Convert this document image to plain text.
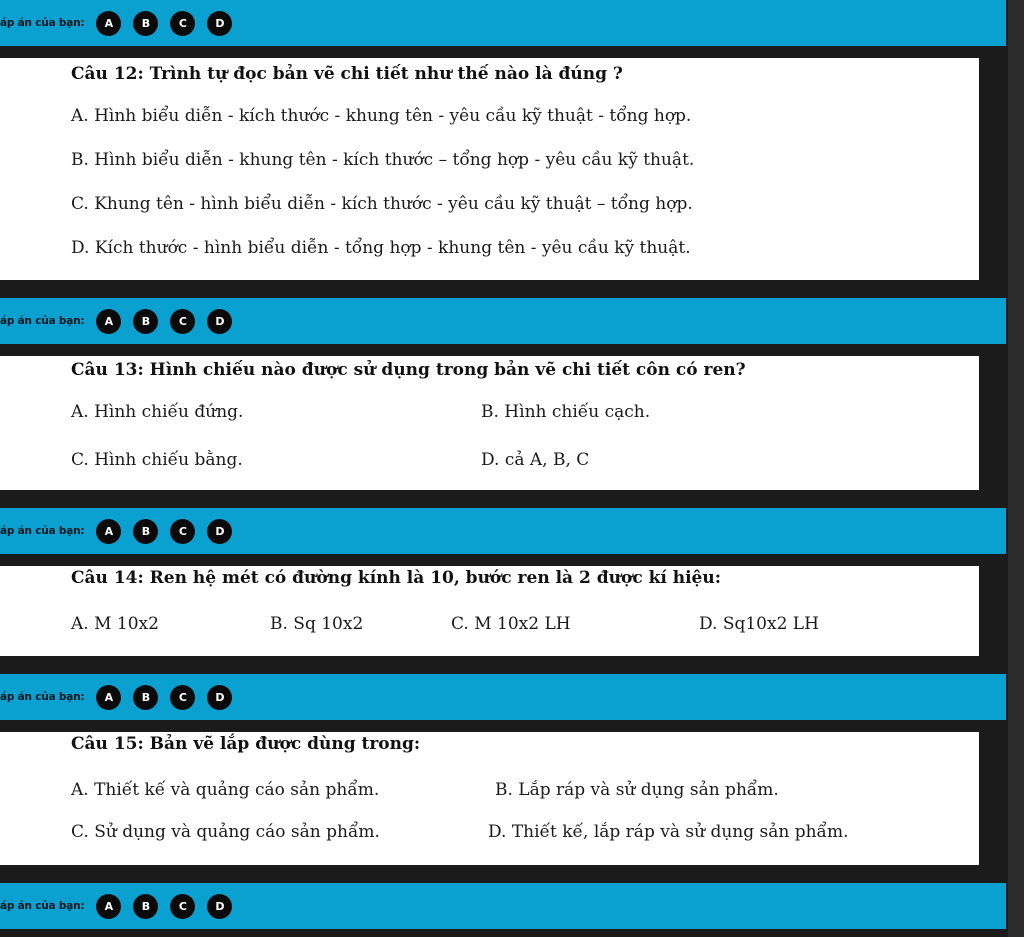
áp án của bạn:	A	B	C	D
Câu 12: Trình tự đọc bản vẽ chi tiết như thế nào là đúng ?
A. Hình biểu diễn - kích thước - khung tên - yêu cầu kỹ thuật - tổng hợp.
B. Hình biểu diễn - khung tên - kích thước – tổng hợp - yêu cầu kỹ thuật.
C. Khung tên - hình biểu diễn - kích thước - yêu cầu kỹ thuật – tổng hợp.
D. Kích thước - hình biểu diễn - tổng hợp - khung tên - yêu cầu kỹ thuật.
áp án của bạn:	A	B	C	D
Câu 13: Hình chiếu nào được sử dụng trong bản vẽ chi tiết côn có ren?
A. Hình chiếu đứng.	B. Hình chiếu cạch.
C. Hình chiếu bằng.	D. cả A, B, C
áp án của bạn:	A	B	C	D
Câu 14: Ren hệ mét có đường kính là 10, bước ren là 2 được kí hiệu:
A. M 10x2	B. Sq 10x2	C. M 10x2 LH	D. Sq10x2 LH
áp án của bạn:	A	B	C	D
Câu 15: Bản vẽ lắp được dùng trong:
A. Thiết kế và quảng cáo sản phẩm.	B. Lắp ráp và sử dụng sản phẩm.
C. Sử dụng và quảng cáo sản phẩm.	D. Thiết kế, lắp ráp và sử dụng sản phẩm.
áp án của bạn:	A	B	C	D
